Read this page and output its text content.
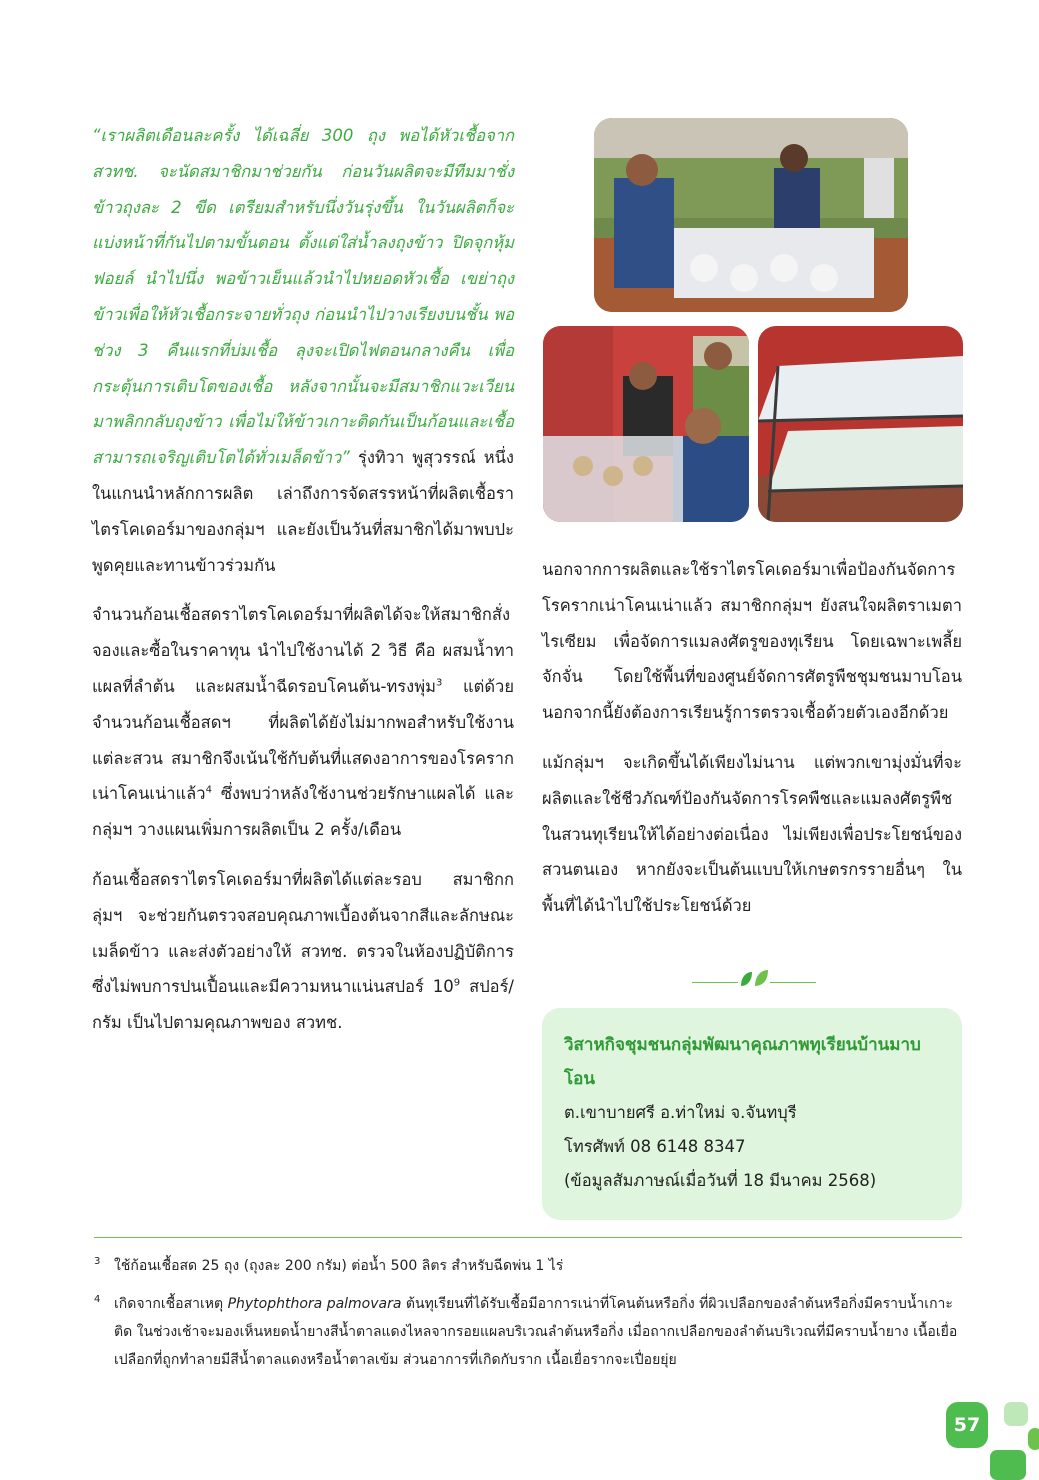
“เราผลิตเดือนละครั้ง ได้เฉลี่ย 300 ถุง พอได้หัวเชื้อจาก สวทช. จะนัดสมาชิกมาช่วยกัน ก่อนวันผลิตจะมีทีมมาชั่งข้าวถุงละ 2 ขีด เตรียมสำหรับนึ่งวันรุ่งขึ้น ในวันผลิตก็จะแบ่งหน้าที่กันไปตามขั้นตอน ตั้งแต่ใส่น้ำลงถุงข้าว ปิดจุกหุ้มฟอยล์ นำไปนึ่ง พอข้าวเย็นแล้วนำไปหยอดหัวเชื้อ เขย่าถุงข้าวเพื่อให้หัวเชื้อกระจายทั่วถุง ก่อนนำไปวางเรียงบนชั้น พอช่วง 3 คืนแรกที่บ่มเชื้อ ลุงจะเปิดไฟตอนกลางคืน เพื่อกระตุ้นการเติบโตของเชื้อ หลังจากนั้นจะมีสมาชิกแวะเวียนมาพลิกกลับถุงข้าว เพื่อไม่ให้ข้าวเกาะติดกันเป็นก้อนและเชื้อสามารถเจริญเติบโตได้ทั่วเมล็ดข้าว” รุ่งทิวา พูสุวรรณ์ หนึ่งในแกนนำหลักการผลิต เล่าถึงการจัดสรรหน้าที่ผลิตเชื้อราไตรโคเดอร์มาของกลุ่มฯ และยังเป็นวันที่สมาชิกได้มาพบปะพูดคุยและทานข้าวร่วมกัน

จำนวนก้อนเชื้อสดราไตรโคเดอร์มาที่ผลิตได้จะให้สมาชิกสั่งจองและซื้อในราคาทุน นำไปใช้งานได้ 2 วิธี คือ ผสมน้ำทาแผลที่ลำต้น และผสมน้ำฉีดรอบโคนต้น-ทรงพุ่ม$^3$ แต่ด้วยจำนวนก้อนเชื้อสดฯ ที่ผลิตได้ยังไม่มากพอสำหรับใช้งานแต่ละสวน สมาชิกจึงเน้นใช้กับต้นที่แสดงอาการของโรครากเน่าโคนเน่าแล้ว$^4$ ซึ่งพบว่าหลังใช้งานช่วยรักษาแผลได้ และกลุ่มฯ วางแผนเพิ่มการผลิตเป็น 2 ครั้ง/เดือน

ก้อนเชื้อสดราไตรโคเดอร์มาที่ผลิตได้แต่ละรอบ สมาชิกกลุ่มฯ จะช่วยกันตรวจสอบคุณภาพเบื้องต้นจากสีและลักษณะเมล็ดข้าว และส่งตัวอย่างให้ สวทช. ตรวจในห้องปฏิบัติการ ซึ่งไม่พบการปนเปื้อนและมีความหนาแน่นสปอร์ $10^9$ สปอร์/กรัม เป็นไปตามคุณภาพของ สวทช.

นอกจากการผลิตและใช้ราไตรโคเดอร์มาเพื่อป้องกันจัดการโรครากเน่าโคนเน่าแล้ว สมาชิกกลุ่มฯ ยังสนใจผลิตราเมตาไรเซียม เพื่อจัดการแมลงศัตรูของทุเรียน โดยเฉพาะเพลี้ยจักจั่น โดยใช้พื้นที่ของศูนย์จัดการศัตรูพืชชุมชนมาบโอน นอกจากนี้ยังต้องการเรียนรู้การตรวจเชื้อด้วยตัวเองอีกด้วย

แม้กลุ่มฯ จะเกิดขึ้นได้เพียงไม่นาน แต่พวกเขามุ่งมั่นที่จะผลิตและใช้ชีวภัณฑ์ป้องกันจัดการโรคพืชและแมลงศัตรูพืชในสวนทุเรียนให้ได้อย่างต่อเนื่อง ไม่เพียงเพื่อประโยชน์ของสวนตนเอง หากยังจะเป็นต้นแบบให้เกษตรกรรายอื่นๆ ในพื้นที่ได้นำไปใช้ประโยชน์ด้วย

วิสาหกิจชุมชนกลุ่มพัฒนาคุณภาพทุเรียนบ้านมาบโอน

ต.เขาบายศรี อ.ท่าใหม่ จ.จันทบุรี

โทรศัพท์ 08 6148 8347

(ข้อมูลสัมภาษณ์เมื่อวันที่ 18 มีนาคม 2568)

3 ใช้ก้อนเชื้อสด 25 ถุง (ถุงละ 200 กรัม) ต่อน้ำ 500 ลิตร สำหรับฉีดพ่น 1 ไร่
4 เกิดจากเชื้อสาเหตุ Phytophthora palmovara ต้นทุเรียนที่ได้รับเชื้อมีอาการเน่าที่โคนต้นหรือกิ่ง ที่ผิวเปลือกของลำต้นหรือกิ่งมีคราบน้ำเกาะติด ในช่วงเช้าจะมองเห็นหยดน้ำยางสีน้ำตาลแดงไหลจากรอยแผลบริเวณลำต้นหรือกิ่ง เมื่อถากเปลือกของลำต้นบริเวณที่มีคราบน้ำยาง เนื้อเยื่อเปลือกที่ถูกทำลายมีสีน้ำตาลแดงหรือน้ำตาลเข้ม ส่วนอาการที่เกิดกับราก เนื้อเยื่อรากจะเปื่อยยุ่ย
57
